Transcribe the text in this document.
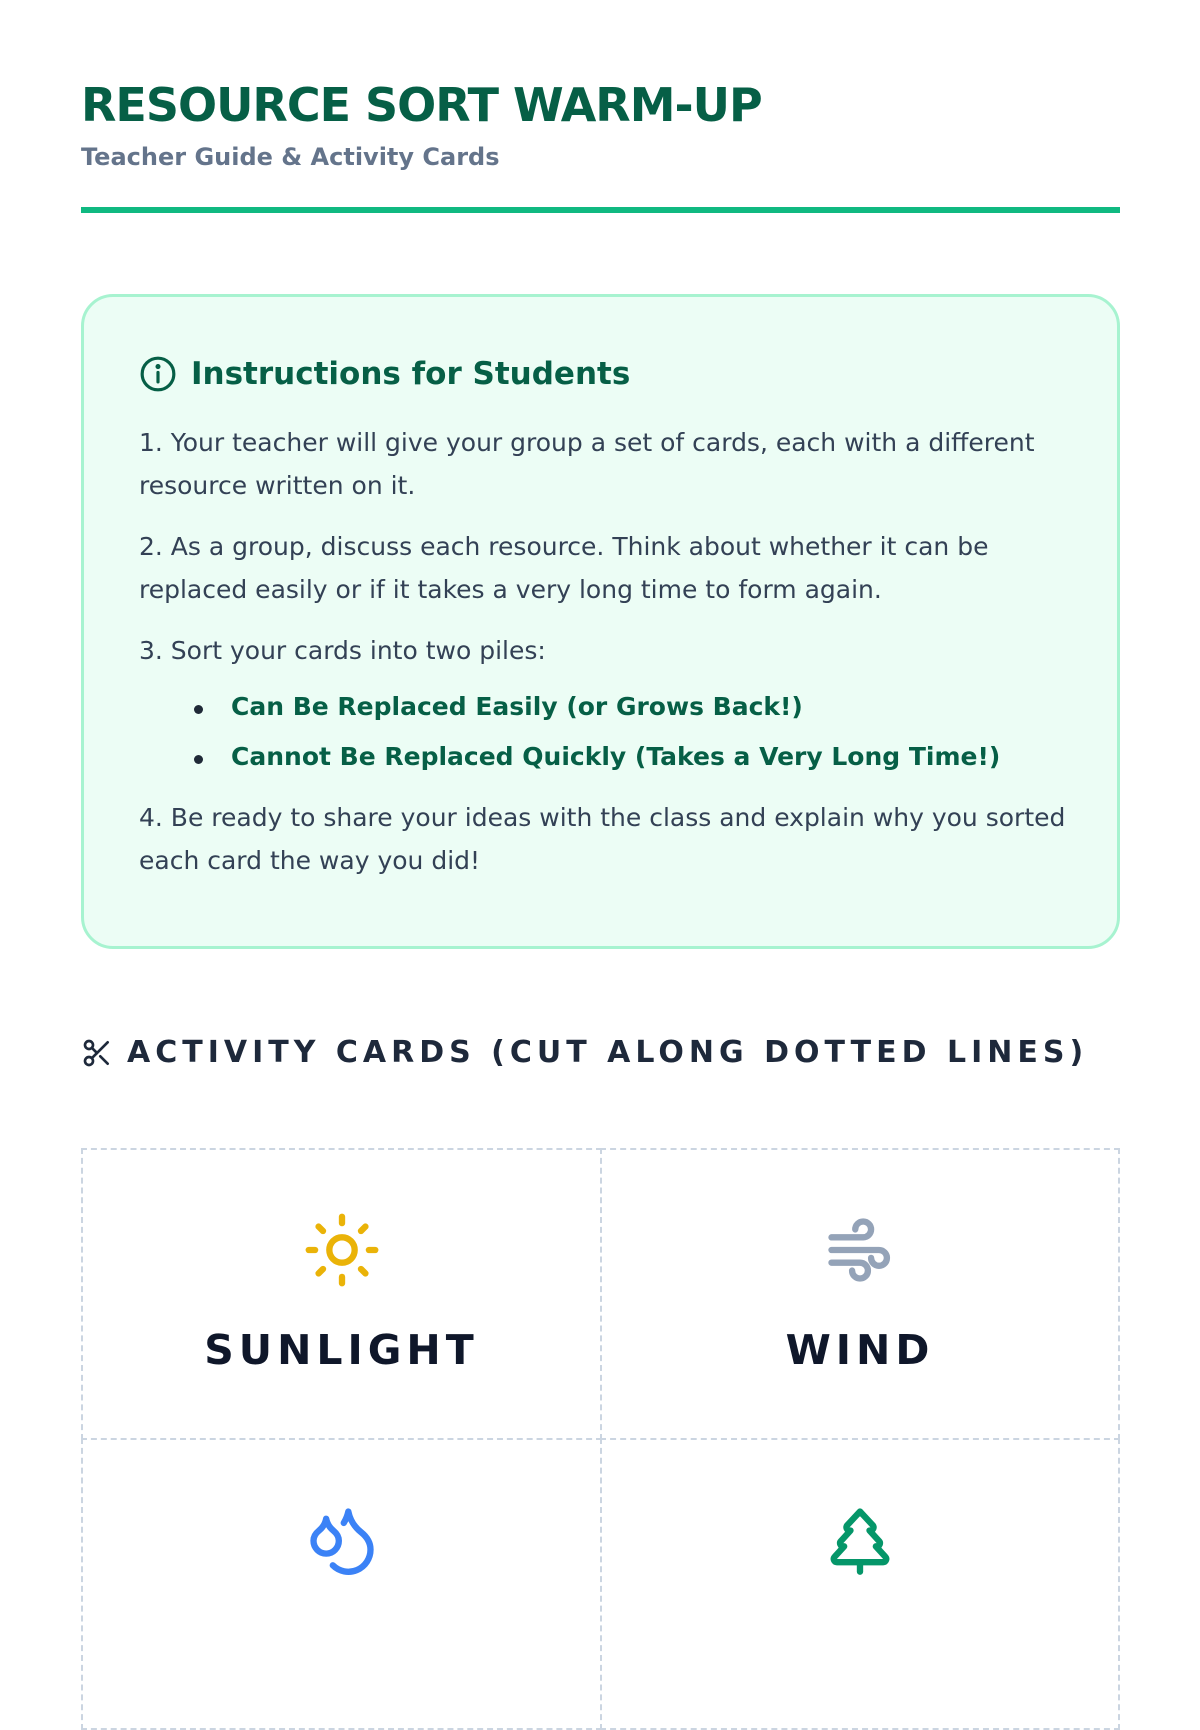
RESOURCE SORT WARM-UP
Teacher Guide & Activity Cards
Instructions for Students
1. Your teacher will give your group a set of cards, each with a different resource written on it.
2. As a group, discuss each resource. Think about whether it can be replaced easily or if it takes a very long time to form again.
3. Sort your cards into two piles:
Can Be Replaced Easily (or Grows Back!)
Cannot Be Replaced Quickly (Takes a Very Long Time!)
4. Be ready to share your ideas with the class and explain why you sorted each card the way you did!
ACTIVITY CARDS (CUT ALONG DOTTED LINES)
SUNLIGHT	WIND
